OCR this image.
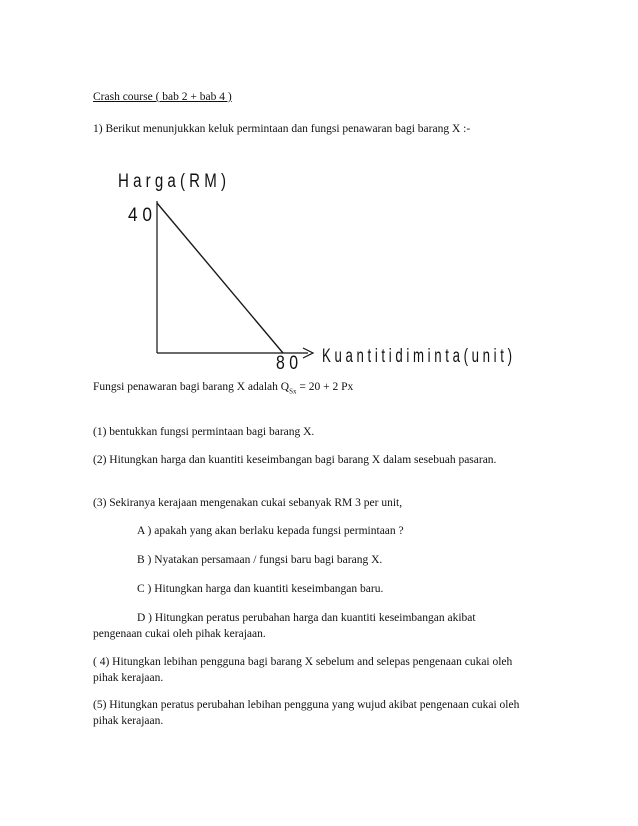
Crash course ( bab 2 + bab 4 )

1) Berikut menunjukkan keluk permintaan dan fungsi penawaran bagi barang X :-

H a r g a ( R M )
4 0
8 0 K u a n t i t i d i m i n t a ( u n i t )

Fungsi penawaran bagi barang X adalah $Q_{Sx} = 20 + 2$ Px

(1) bentukkan fungsi permintaan bagi barang X.

(2) Hitungkan harga dan kuantiti keseimbangan bagi barang X dalam sesebuah pasaran.

(3) Sekiranya kerajaan mengenakan cukai sebanyak RM 3 per unit,

A ) apakah yang akan berlaku kepada fungsi permintaan ?

B ) Nyatakan persamaan / fungsi baru bagi barang X.

C ) Hitungkan harga dan kuantiti keseimbangan baru.

D ) Hitungkan peratus perubahan harga dan kuantiti keseimbangan akibat

pengenaan cukai oleh pihak kerajaan.

( 4) Hitungkan lebihan pengguna bagi barang X sebelum and selepas pengenaan cukai oleh pihak kerajaan.

(5) Hitungkan peratus perubahan lebihan pengguna yang wujud akibat pengenaan cukai oleh pihak kerajaan.
